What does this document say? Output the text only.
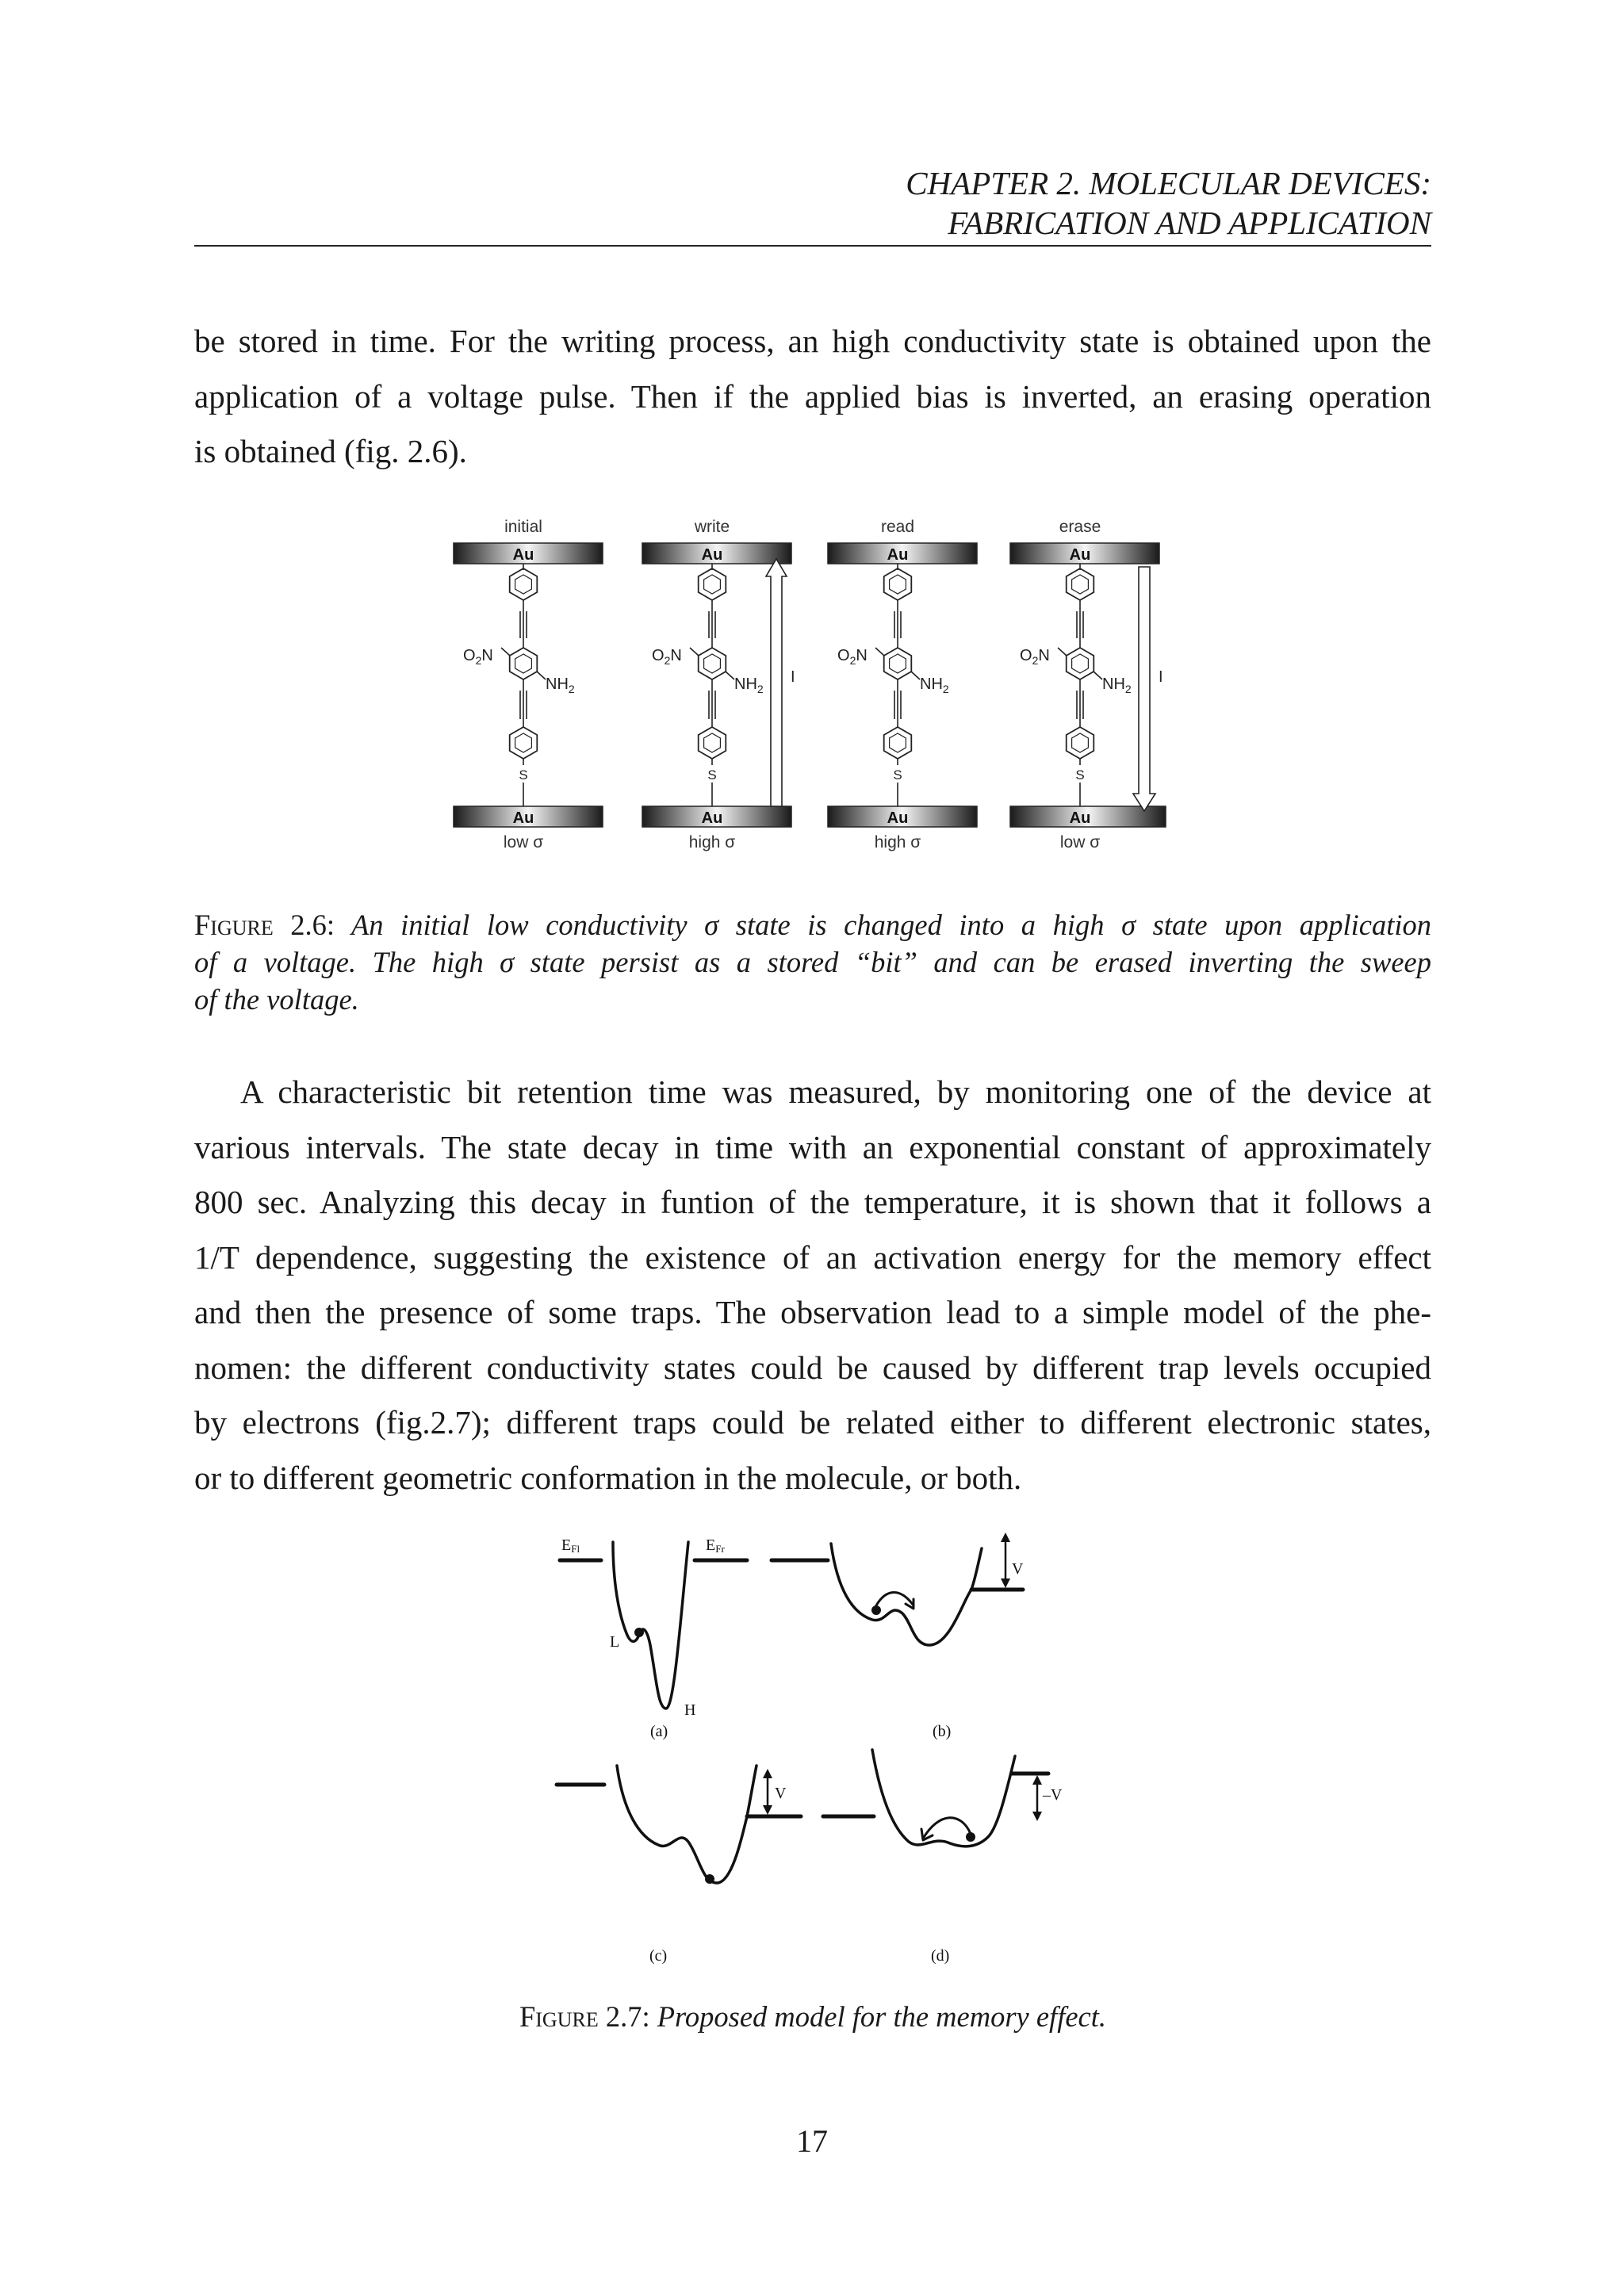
CHAPTER 2. MOLECULAR DEVICES:
FABRICATION AND APPLICATION

be stored in time. For the writing process, an high conductivity state is obtained upon the
application of a voltage pulse. Then if the applied bias is inverted, an erasing operation
is obtained (fig. 2.6).

initial
Au
$O_2N$
$NH_2$
S
Au
low σ
write
Au
$O_2N$
$NH_2$
S
Au
high σ
I
read
Au
$O_2N$
$NH_2$
S
Au
high σ
erase
Au
$O_2N$
$NH_2$
S
Au
low σ
I

Figure 2.6: An initial low conductivity σ state is changed into a high σ state upon application
of a voltage. The high σ state persist as a stored “bit” and can be erased inverting the sweep
of the voltage.

A characteristic bit retention time was measured, by monitoring one of the device at
various intervals. The state decay in time with an exponential constant of approximately
800 sec. Analyzing this decay in funtion of the temperature, it is shown that it follows a
1/T dependence, suggesting the existence of an activation energy for the memory effect
and then the presence of some traps. The observation lead to a simple model of the phe-
nomen: the different conductivity states could be caused by different trap levels occupied
by electrons (fig.2.7); different traps could be related either to different electronic states,
or to different geometric conformation in the molecule, or both.

EFl	EFr
L
H
V
V	–V
(a)	(b)
(c)	(d)

Figure 2.7: Proposed model for the memory effect.

17
